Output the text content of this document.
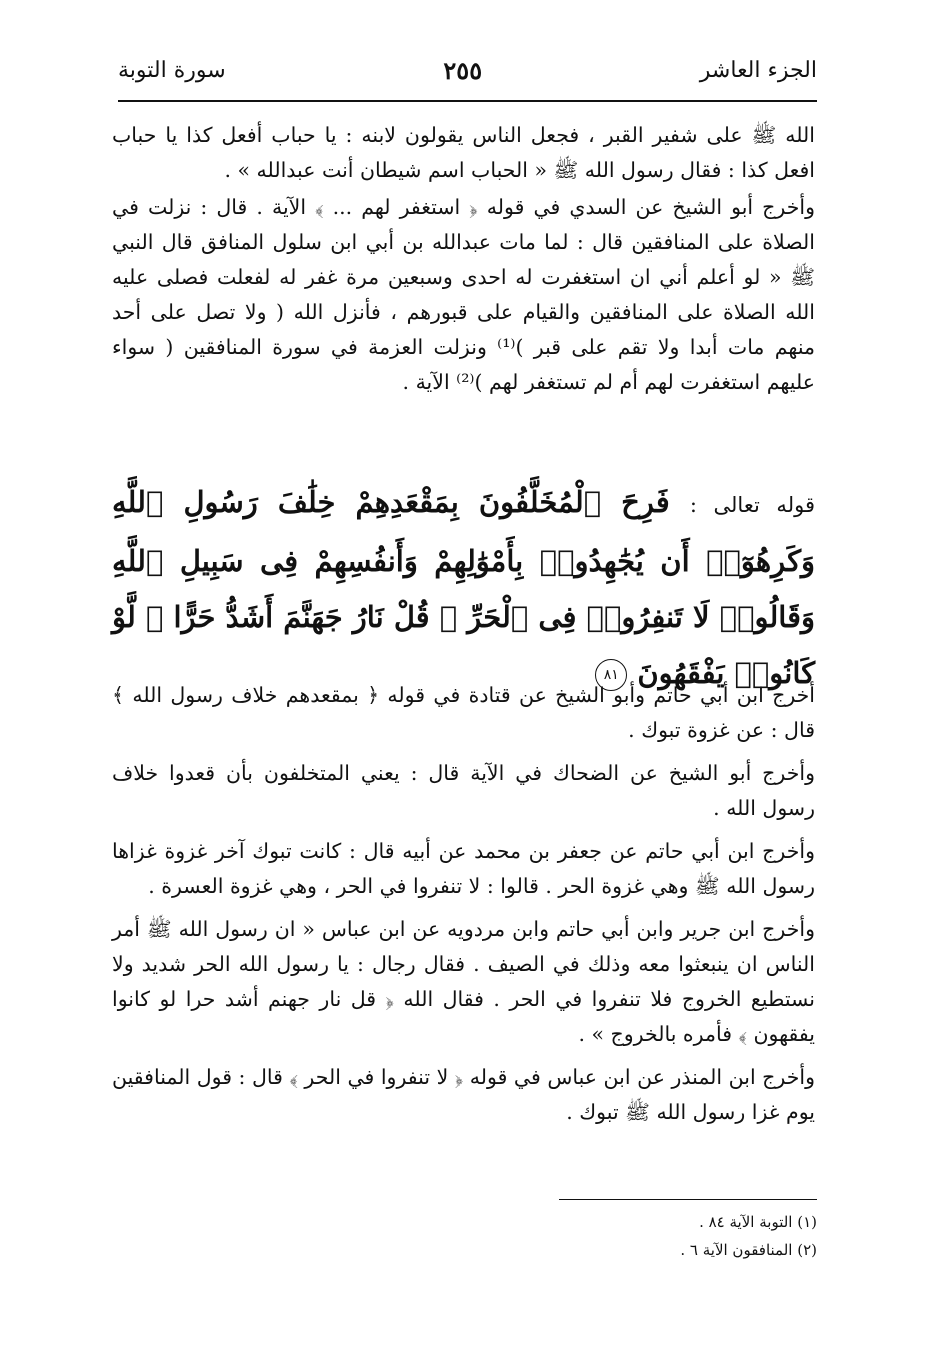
الجزء العاشر
٢٥٥
سورة التوبة

الله ﷺ على شفير القبر ، فجعل الناس يقولون لابنه : يا حباب أفعل كذا يا حباب افعل كذا : فقال رسول الله ﷺ « الحباب اسم شيطان أنت عبدالله » .

وأخرج أبو الشيخ عن السدي في قوله ﴿ استغفر لهم ... ﴾ الآية . قال : نزلت في الصلاة على المنافقين قال : لما مات عبدالله بن أبي ابن سلول المنافق قال النبي ﷺ « لو أعلم أني ان استغفرت له احدى وسبعين مرة غفر له لفعلت فصلى عليه الله الصلاة على المنافقين والقيام على قبورهم ، فأنزل الله ( ولا تصل على أحد منهم مات أبدا ولا تقم على قبر )⁽¹⁾ ونزلت العزمة في سورة المنافقين ( سواء عليهم استغفرت لهم أم لم تستغفر لهم )⁽²⁾ الآية .

قوله تعالى : فَرِحَ ٱلْمُخَلَّفُونَ بِمَقْعَدِهِمْ خِلَٰفَ رَسُولِ ٱللَّهِ وَكَرِهُوٓا۟ أَن يُجَٰهِدُوا۟ بِأَمْوَٰلِهِمْ وَأَنفُسِهِمْ فِى سَبِيلِ ٱللَّهِ وَقَالُوا۟ لَا تَنفِرُوا۟ فِى ٱلْحَرِّ ۗ قُلْ نَارُ جَهَنَّمَ أَشَدُّ حَرًّا ۚ لَّوْ كَانُوا۟ يَفْقَهُونَ ٨١

أخرج ابن أبي حاتم وأبو الشيخ عن قتادة في قوله ﴿ بمقعدهم خلاف رسول الله ﴾ قال : عن غزوة تبوك .

وأخرج أبو الشيخ عن الضحاك في الآية قال : يعني المتخلفون بأن قعدوا خلاف رسول الله .

وأخرج ابن أبي حاتم عن جعفر بن محمد عن أبيه قال : كانت تبوك آخر غزوة غزاها رسول الله ﷺ وهي غزوة الحر . قالوا : لا تنفروا في الحر ، وهي غزوة العسرة .

وأخرج ابن جرير وابن أبي حاتم وابن مردويه عن ابن عباس « ان رسول الله ﷺ أمر الناس ان ينبعثوا معه وذلك في الصيف . فقال رجال : يا رسول الله الحر شديد ولا نستطيع الخروج فلا تنفروا في الحر . فقال الله ﴿ قل نار جهنم أشد حرا لو كانوا يفقهون ﴾ فأمره بالخروج » .

وأخرج ابن المنذر عن ابن عباس في قوله ﴿ لا تنفروا في الحر ﴾ قال : قول المنافقين يوم غزا رسول الله ﷺ تبوك .

(١) التوبة الآية ٨٤ .
(٢) المنافقون الآية ٦ .
